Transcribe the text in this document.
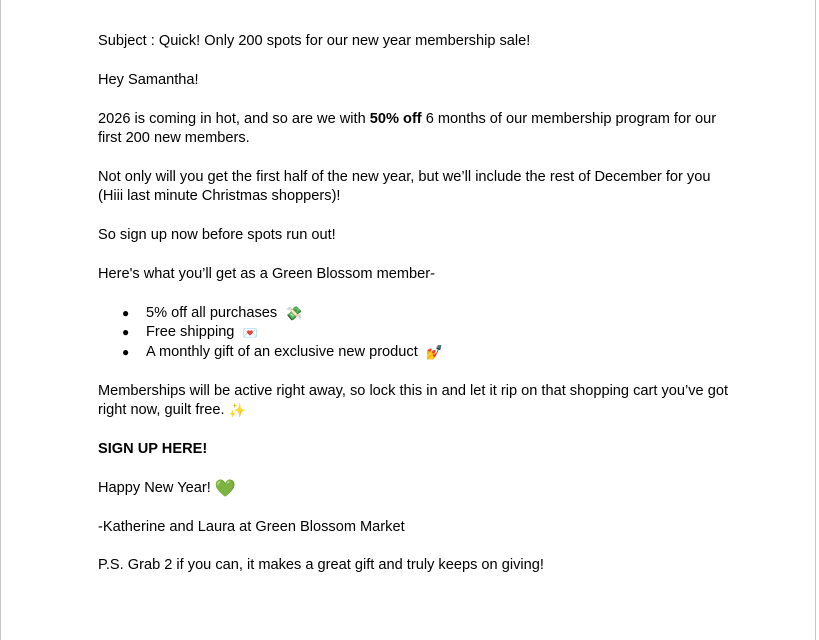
Subject : Quick! Only 200 spots for our new year membership sale!

Hey Samantha!

2026 is coming in hot, and so are we with 50% off 6 months of our membership program for our first 200 new members.

Not only will you get the first half of the new year, but we’ll include the rest of December for you (Hiii last minute Christmas shoppers)!

So sign up now before spots run out!

Here's what you’ll get as a Green Blossom member-

● 5% off all purchases 💸
● Free shipping 💌
● A monthly gift of an exclusive new product 💅

Memberships will be active right away, so lock this in and let it rip on that shopping cart you’ve got right now, guilt free. ✨

SIGN UP HERE!

Happy New Year! 💚

-Katherine and Laura at Green Blossom Market

P.S. Grab 2 if you can, it makes a great gift and truly keeps on giving!
